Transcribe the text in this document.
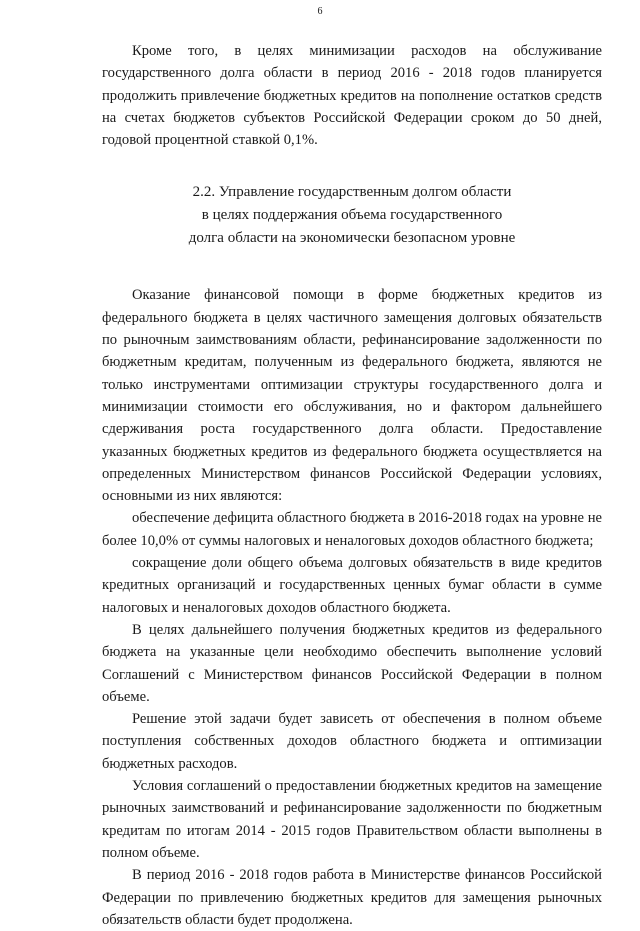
6

Кроме того, в целях минимизации расходов на обслуживание государственного долга области в период 2016 - 2018 годов планируется продолжить привлечение бюджетных кредитов на пополнение остатков средств на счетах бюджетов субъектов Российской Федерации сроком до 50 дней, годовой процентной ставкой 0,1%.

2.2. Управление государственным долгом области
в целях поддержания объема государственного
долга области на экономически безопасном уровне

Оказание финансовой помощи в форме бюджетных кредитов из федерального бюджета в целях частичного замещения долговых обязательств по рыночным заимствованиям области, рефинансирование задолженности по бюджетным кредитам, полученным из федерального бюджета, являются не только инструментами оптимизации структуры государственного долга и минимизации стоимости его обслуживания, но и фактором дальнейшего сдерживания роста государственного долга области. Предоставление указанных бюджетных кредитов из федерального бюджета осуществляется на определенных Министерством финансов Российской Федерации условиях, основными из них являются:

обеспечение дефицита областного бюджета в 2016-2018 годах на уровне не более 10,0% от суммы налоговых и неналоговых доходов областного бюджета;

сокращение доли общего объема долговых обязательств в виде кредитов кредитных организаций и государственных ценных бумаг области в сумме налоговых и неналоговых доходов областного бюджета.

В целях дальнейшего получения бюджетных кредитов из федерального бюджета на указанные цели необходимо обеспечить выполнение условий Соглашений с Министерством финансов Российской Федерации в полном объеме.

Решение этой задачи будет зависеть от обеспечения в полном объеме поступления собственных доходов областного бюджета и оптимизации бюджетных расходов.

Условия соглашений о предоставлении бюджетных кредитов на замещение рыночных заимствований и рефинансирование задолженности по бюджетным кредитам по итогам 2014 - 2015 годов Правительством области выполнены в полном объеме.

В период 2016 - 2018 годов работа в Министерстве финансов Российской Федерации по привлечению бюджетных кредитов для замещения рыночных обязательств области будет продолжена.
